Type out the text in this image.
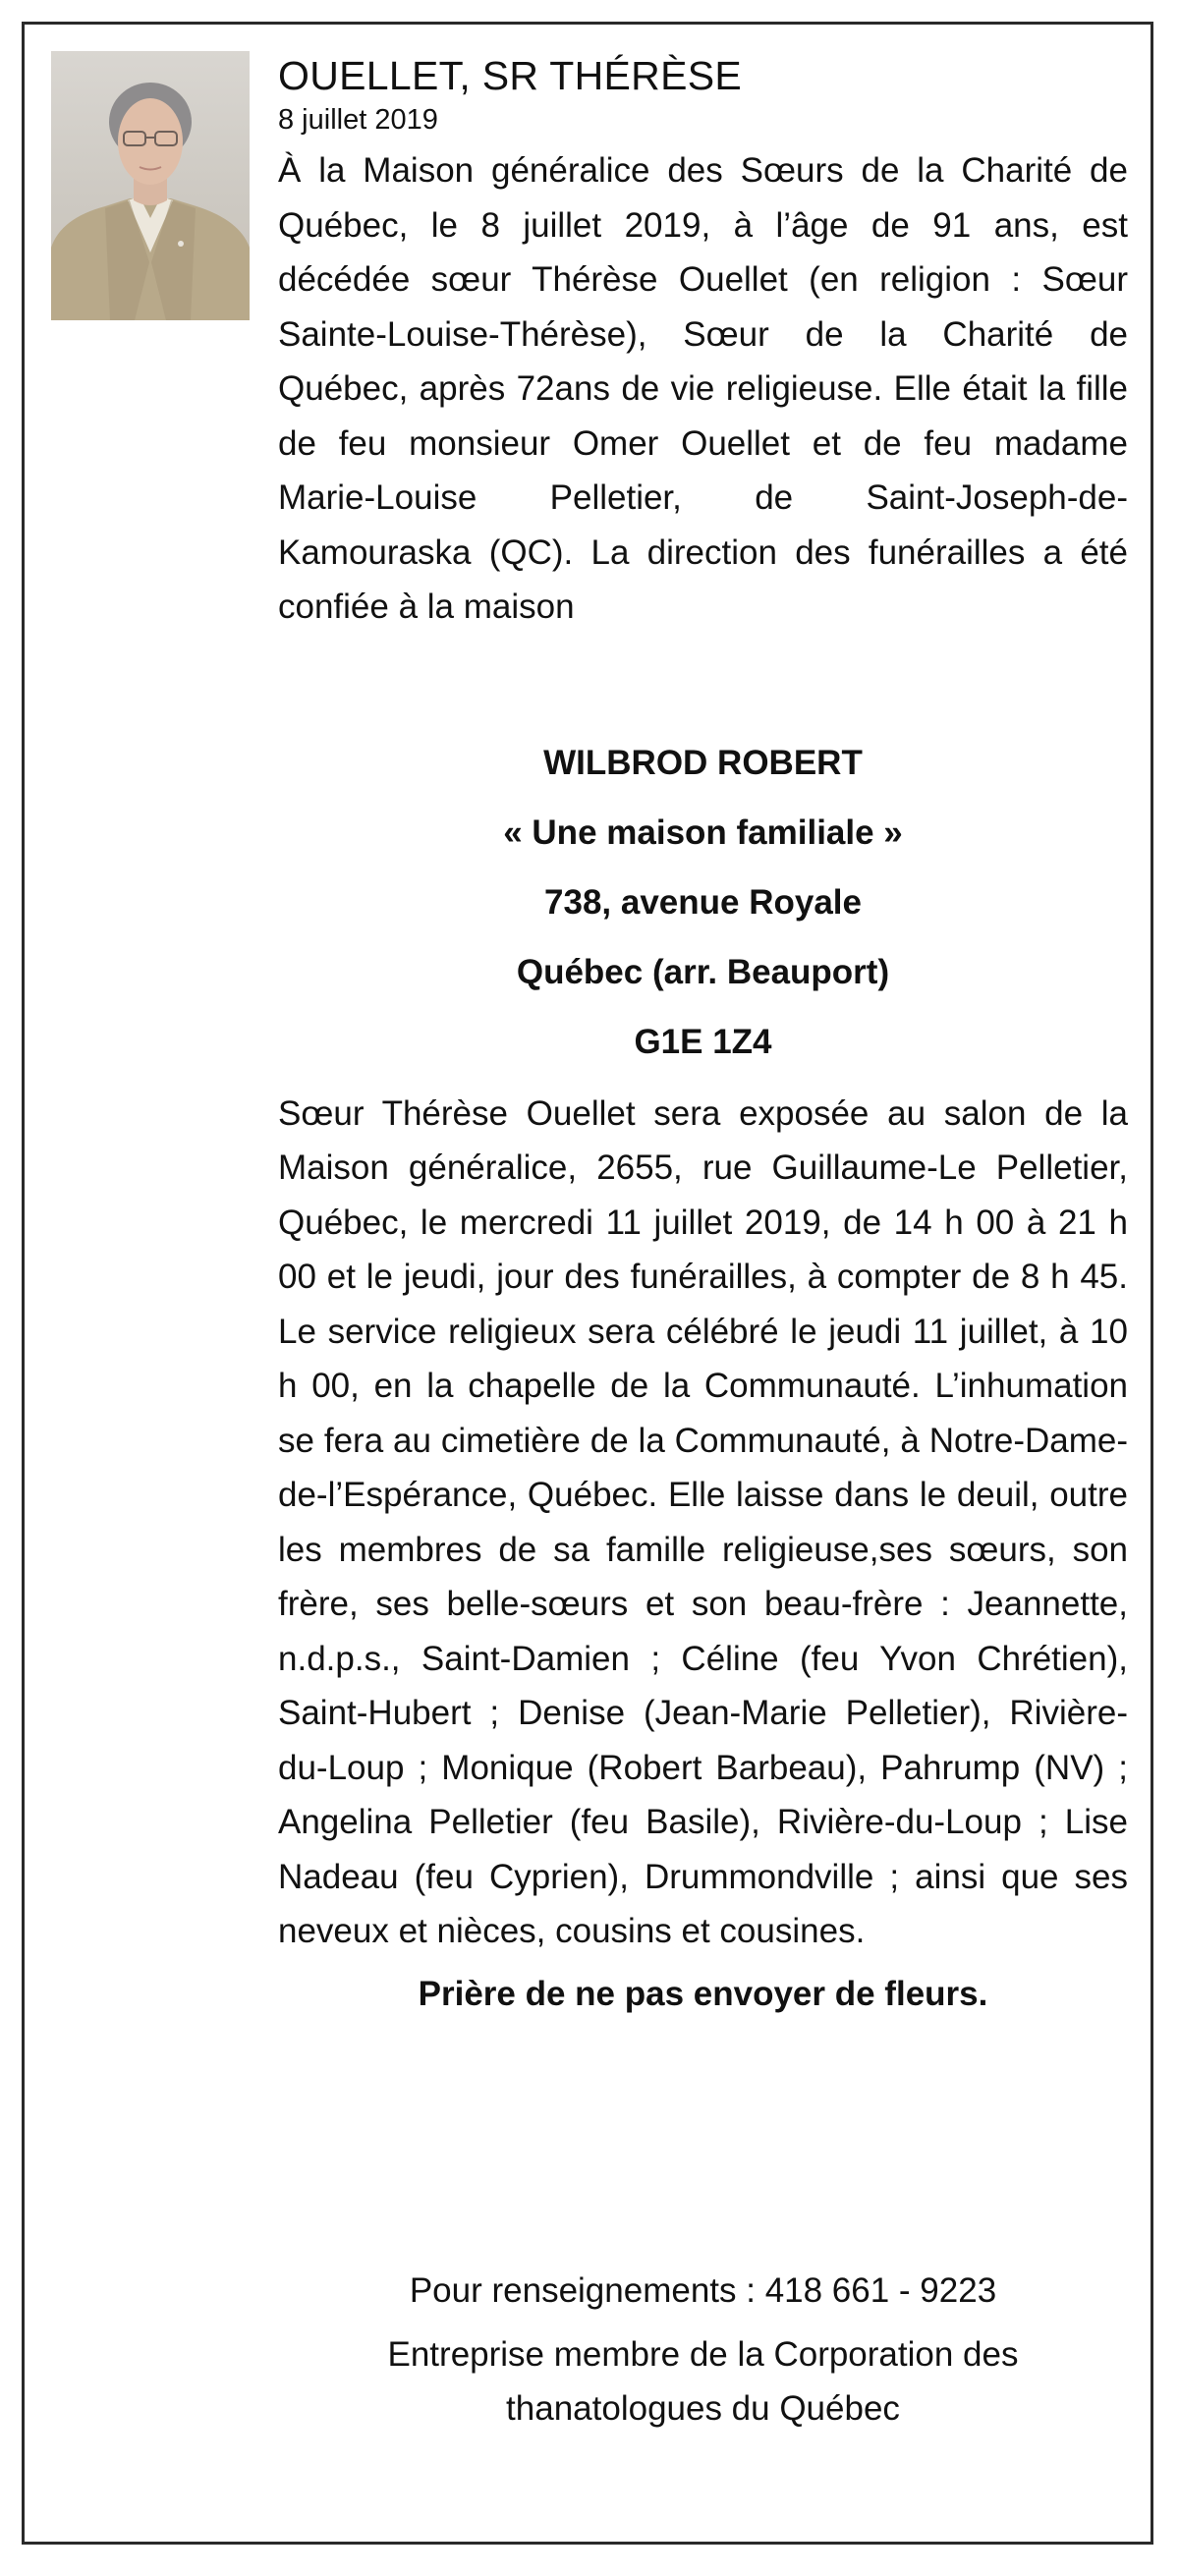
OUELLET, SR THÉRÈSE

8 juillet 2019

À la Maison généralice des Sœurs de la Charité de Québec, le 8 juillet 2019, à l’âge de 91 ans, est décédée sœur Thérèse Ouellet (en religion : Sœur Sainte-Louise-Thérèse), Sœur de la Charité de Québec, après 72ans de vie religieuse. Elle était la fille de feu monsieur Omer Ouellet et de feu madame Marie-Louise Pelletier, de Saint-Joseph-de-Kamouraska (QC). La direction des funérailles a été confiée à la maison

WILBROD ROBERT

« Une maison familiale »

738, avenue Royale

Québec (arr. Beauport)

G1E 1Z4

Sœur Thérèse Ouellet sera exposée au salon de la Maison généralice, 2655, rue Guillaume-Le Pelletier, Québec, le mercredi 11 juillet 2019, de 14 h 00 à 21 h 00 et le jeudi, jour des funérailles, à compter de 8 h 45. Le service religieux sera célébré le jeudi 11 juillet, à 10 h 00, en la chapelle de la Communauté. L’inhumation se fera au cimetière de la Communauté, à Notre-Dame-de-l’Espérance, Québec. Elle laisse dans le deuil, outre les membres de sa famille religieuse,ses sœurs, son frère, ses belle-sœurs et son beau-frère : Jeannette, n.d.p.s., Saint-Damien ; Céline (feu Yvon Chrétien), Saint-Hubert ; Denise (Jean-Marie Pelletier), Rivière-du-Loup ; Monique (Robert Barbeau), Pahrump (NV) ; Angelina Pelletier (feu Basile), Rivière-du-Loup ; Lise Nadeau (feu Cyprien), Drummondville ; ainsi que ses neveux et nièces, cousins et cousines.

Prière de ne pas envoyer de fleurs.

Pour renseignements : 418 661 - 9223

Entreprise membre de la Corporation des

thanatologues du Québec
